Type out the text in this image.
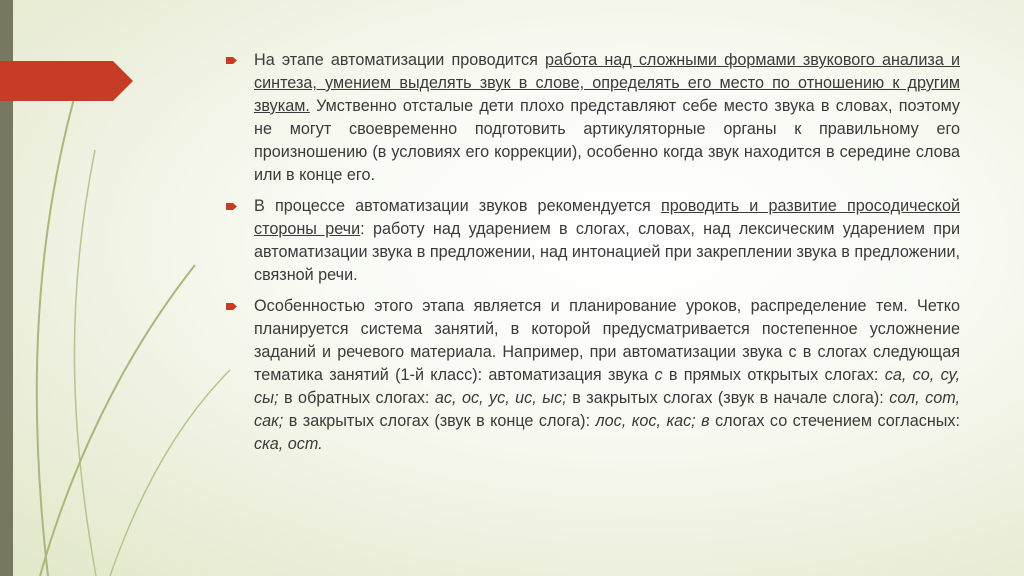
На этапе автоматизации проводится работа над сложными формами звукового анализа и синтеза, умением выделять звук в слове, определять его место по отношению к другим звукам. Умственно отсталые дети плохо представляют себе место звука в словах, поэтому не могут своевременно подготовить артикуляторные органы к правильному его произношению (в условиях его коррекции), особенно когда звук находится в середине слова или в конце его.

В процессе автоматизации звуков рекомендуется проводить и развитие просодической стороны речи: работу над ударением в слогах, словах, над лексическим ударением при автоматизации звука в предложении, над интонацией при закреплении звука в предложении, связной речи.

Особенностью этого этапа является и планирование уроков, распределение тем. Четко планируется система занятий, в которой предусматривается постепенное усложнение заданий и речевого материала. Например, при автоматизации звука с в слогах следующая тематика занятий (1-й класс): автоматизация звука с в прямых открытых слогах: са, со, су, сы; в обратных слогах: ас, ос, ус, ис, ыс; в закрытых слогах (звук в начале слога): сол, сот, сак; в закрытых слогах (звук в конце слога): лос, кос, кас; в слогах со стечением согласных: ска, ост.
